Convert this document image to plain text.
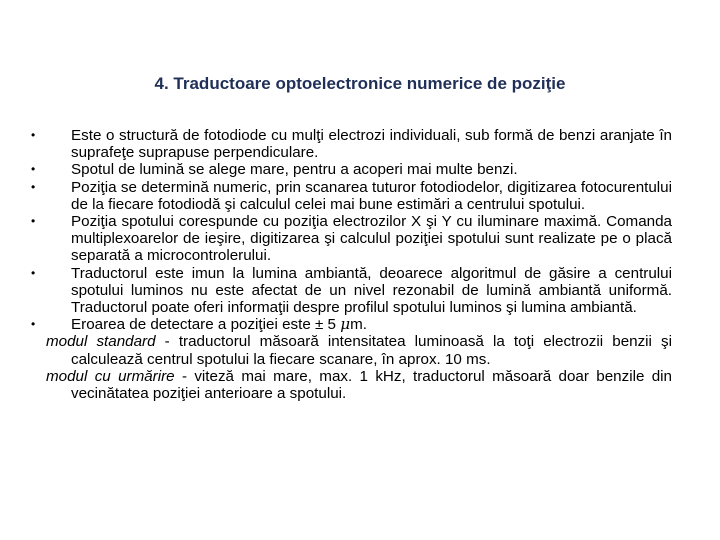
4. Traductoare optoelectronice numerice de poziţie

•	Este o structură de fotodiode cu mulţi electrozi individuali, sub formă de benzi aranjate în suprafeţe suprapuse perpendiculare.

•	Spotul de lumină se alege mare, pentru a acoperi mai multe benzi.

•	Poziţia se determină numeric, prin scanarea tuturor fotodiodelor, digitizarea fotocurentului de la fiecare fotodiodă şi calculul celei mai bune estimări a centrului spotului.

•	Poziţia spotului corespunde cu poziţia electrozilor X şi Y cu iluminare maximă. Comanda multiplexoarelor de ieşire, digitizarea şi calculul poziţiei spotului sunt realizate pe o placă separată a microcontrolerului.

•	Traductorul este imun la lumina ambiantă, deoarece algoritmul de găsire a centrului spotului luminos nu este afectat de un nivel rezonabil de lumină ambiantă uniformă. Traductorul poate oferi informaţii despre profilul spotului luminos şi lumina ambiantă.

•	Eroarea de detectare a poziţiei este ± 5 μm.

modul standard - traductorul măsoară intensitatea luminoasă la toţi electrozii benzii şi calculează centrul spotului la fiecare scanare, în aprox. 10 ms.

modul cu urmărire - viteză mai mare, max. 1 kHz, traductorul măsoară doar benzile din vecinătatea poziţiei anterioare a spotului.
